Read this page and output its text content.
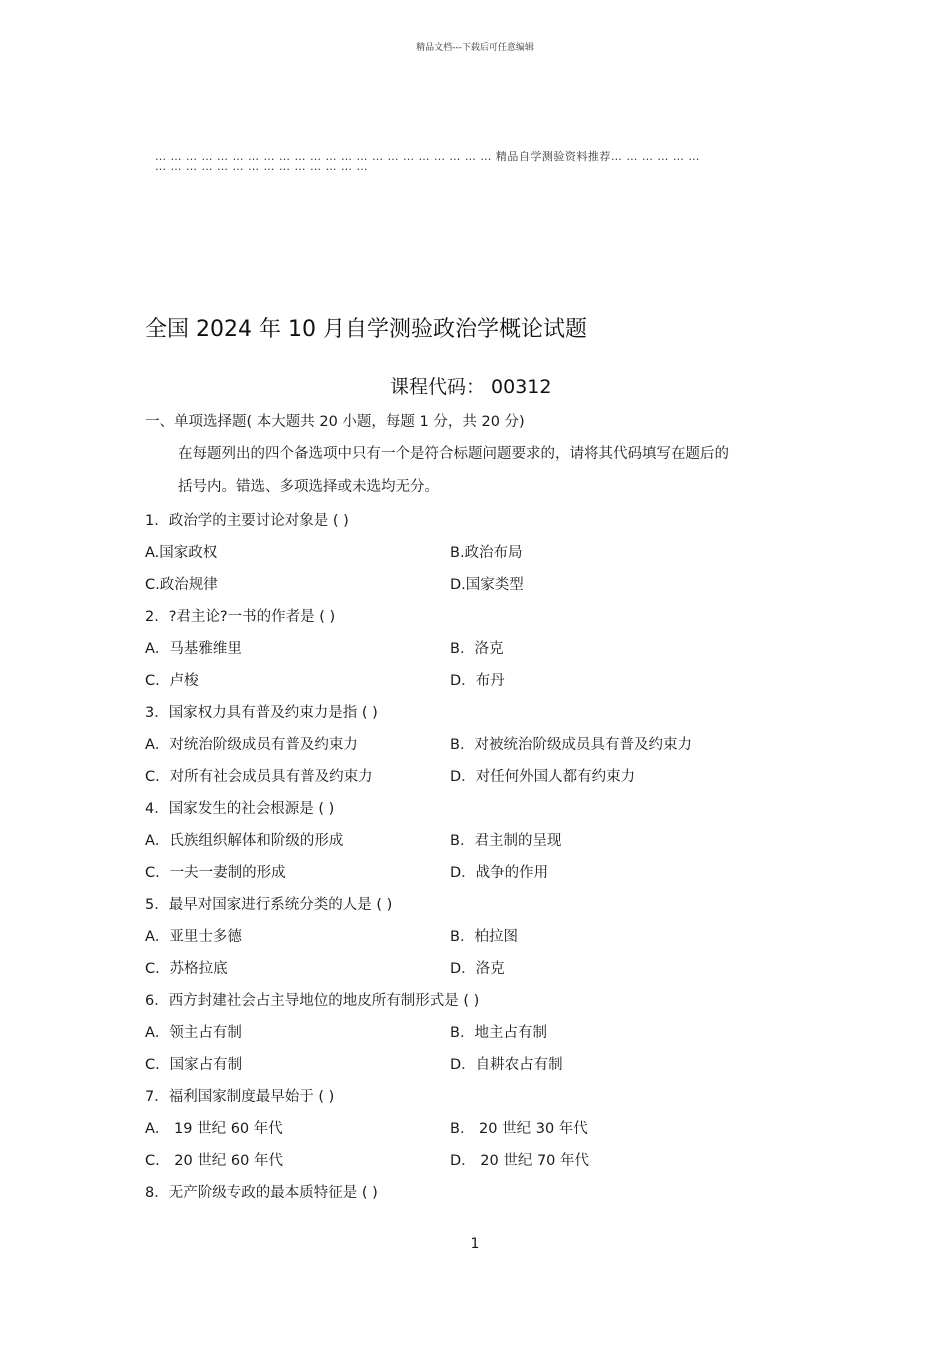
精品文档---下载后可任意编辑
… … … … … … … … … … … … … … … … … … … … … … 精品自学测验资料推荐… … … … … …
… … … … … … … … … … … … … …
全国 2024 年 10 月自学测验政治学概论试题
课程代码： 00312
一、单项选择题( 本大题共 20 小题，每题 1 分，共 20 分)
在每题列出的四个备选项中只有一个是符合标题问题要求的，请将其代码填写在题后的
括号内。错选、多项选择或未选均无分。
1．政治学的主要讨论对象是 ( )
A.国家政权	B.政治布局
C.政治规律	D.国家类型
2．?君主论?一书的作者是 ( )
A．马基雅维里	B．洛克
C．卢梭	D．布丹
3．国家权力具有普及约束力是指 ( )
A．对统治阶级成员有普及约束力	B．对被统治阶级成员具有普及约束力
C．对所有社会成员具有普及约束力	D．对任何外国人都有约束力
4．国家发生的社会根源是 ( )
A．氏族组织解体和阶级的形成	B．君主制的呈现
C．一夫一妻制的形成	D．战争的作用
5．最早对国家进行系统分类的人是 ( )
A．亚里士多德	B．柏拉图
C．苏格拉底	D．洛克
6．西方封建社会占主导地位的地皮所有制形式是 ( )
A．领主占有制	B．地主占有制
C．国家占有制	D．自耕农占有制
7．福利国家制度最早始于 ( )
A． 19 世纪 60 年代	B． 20 世纪 30 年代
C． 20 世纪 60 年代	D． 20 世纪 70 年代
8．无产阶级专政的最本质特征是 ( )
1
